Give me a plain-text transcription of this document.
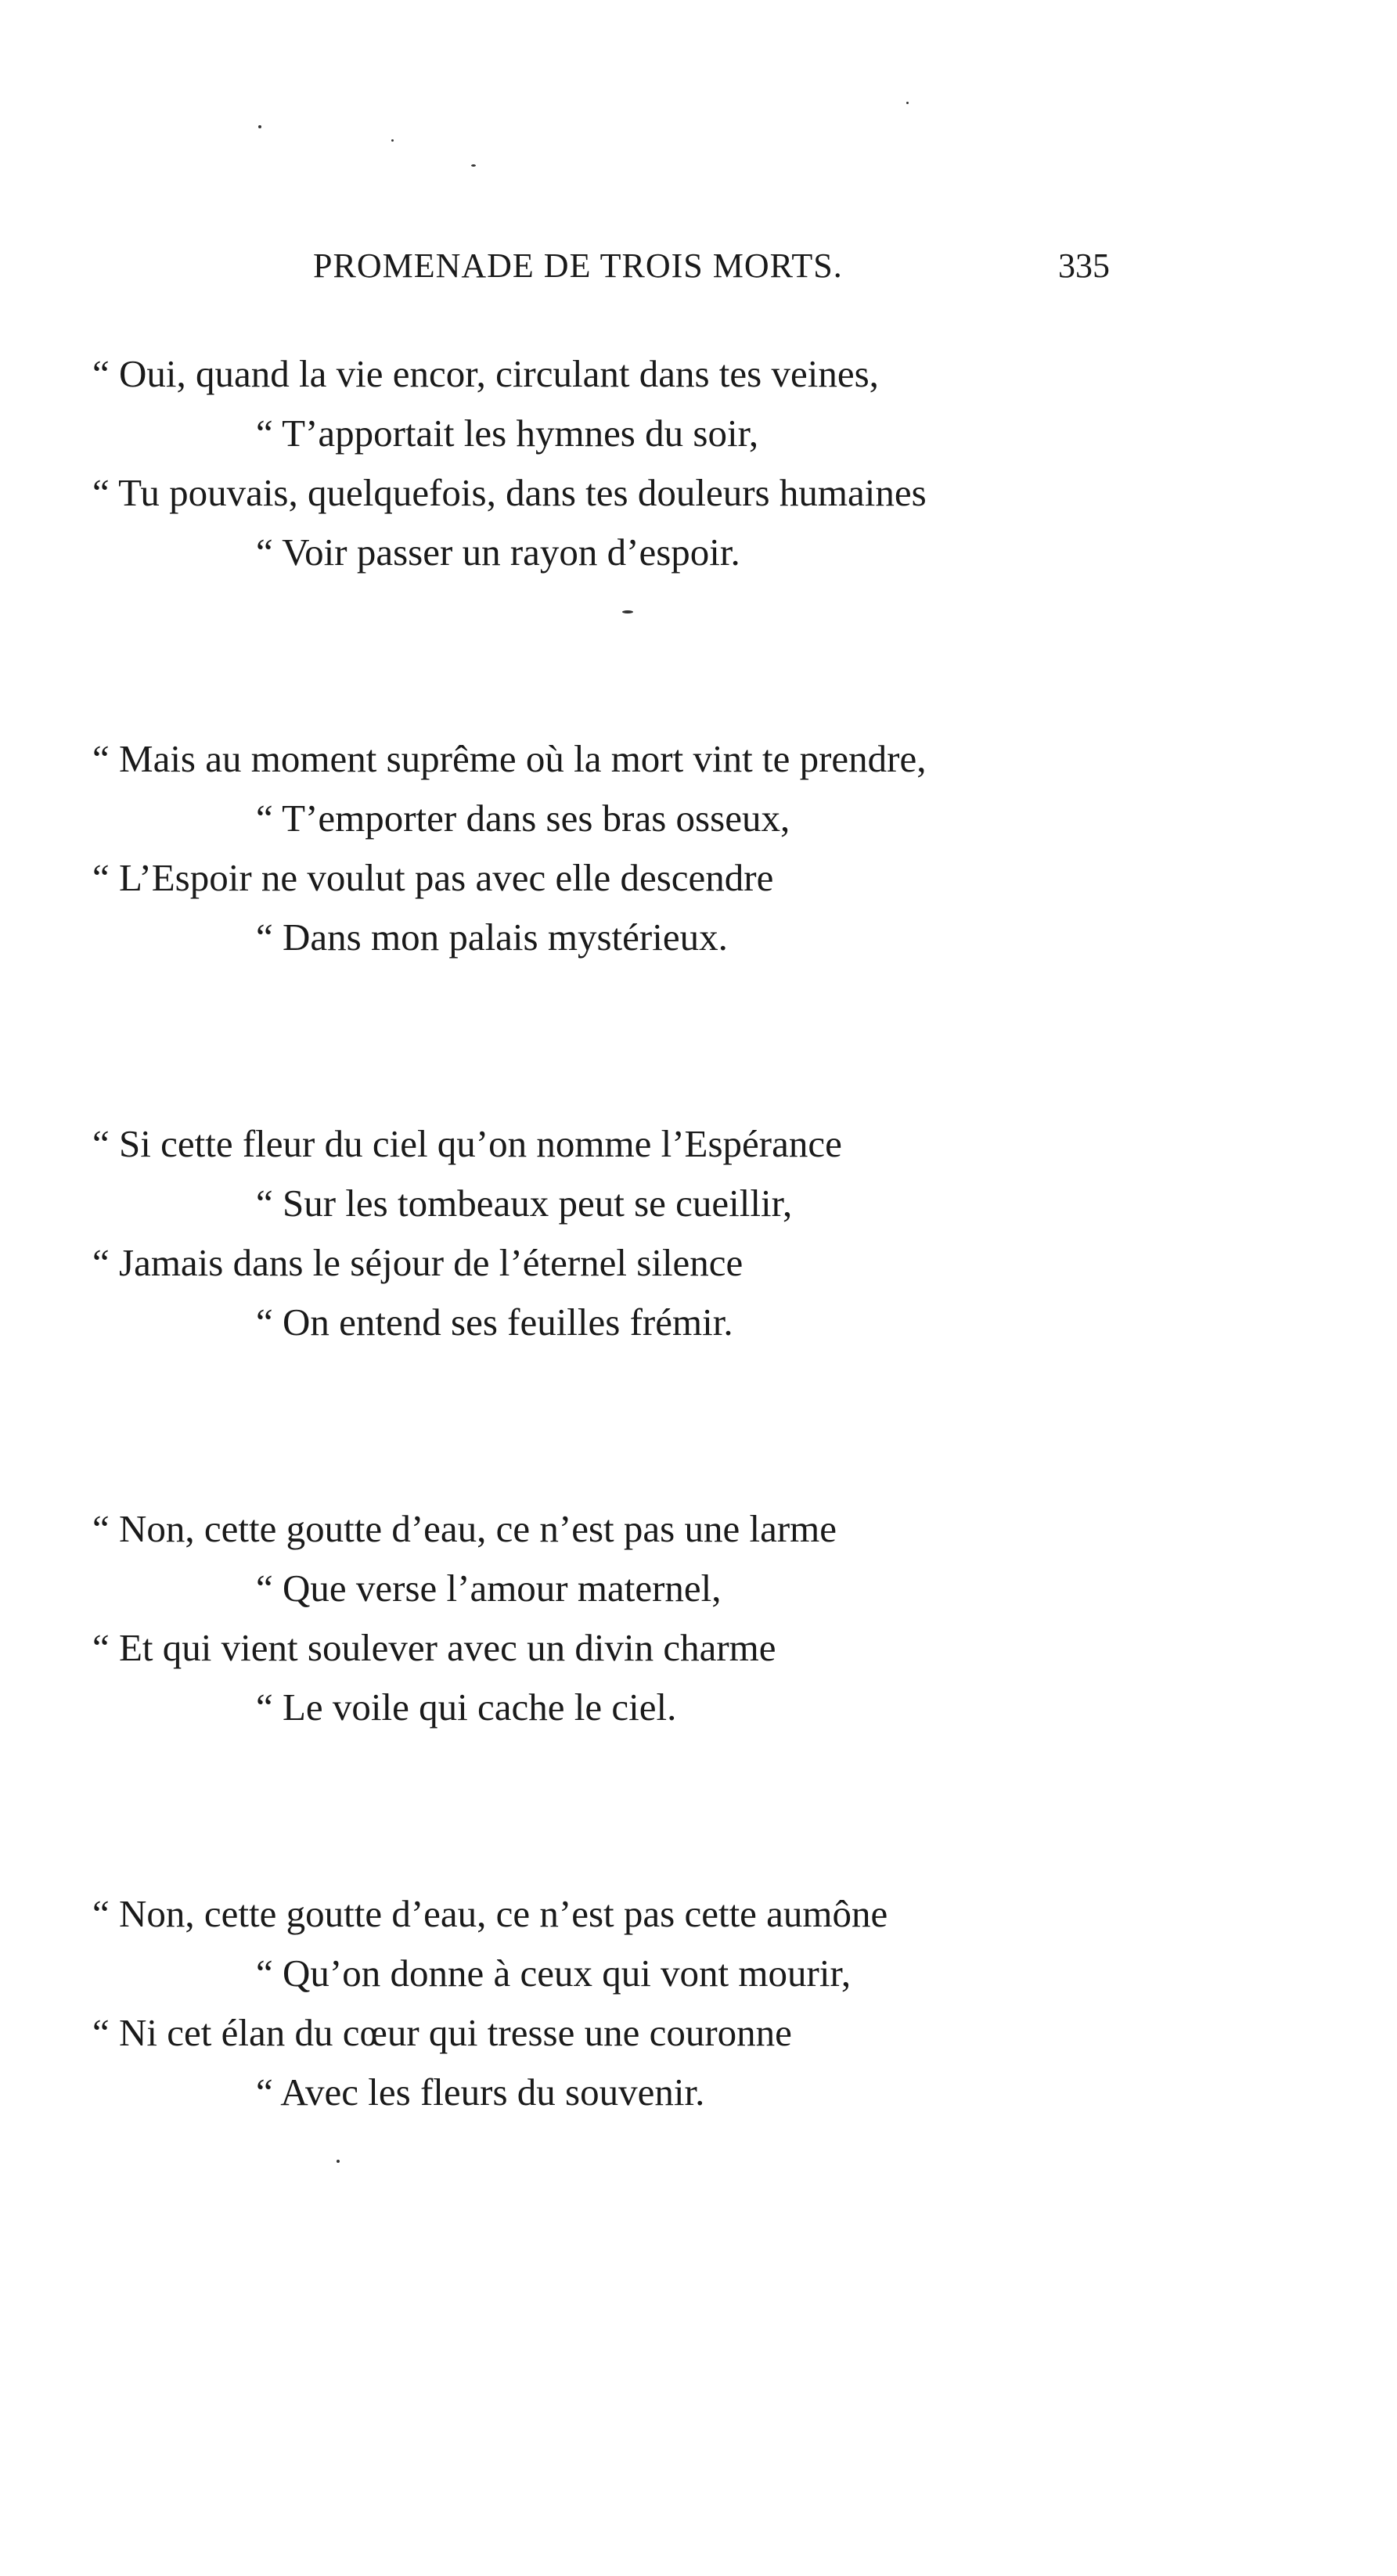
PROMENADE DE TROIS MORTS.	335
“ Oui, quand la vie encor, circulant dans tes veines,
“ T’apportait les hymnes du soir,
“ Tu pouvais, quelquefois, dans tes douleurs humaines
“ Voir passer un rayon d’espoir.
“ Mais au moment suprême où la mort vint te prendre,
“ T’emporter dans ses bras osseux,
“ L’Espoir ne voulut pas avec elle descendre
“ Dans mon palais mystérieux.
“ Si cette fleur du ciel qu’on nomme l’Espérance
“ Sur les tombeaux peut se cueillir,
“ Jamais dans le séjour de l’éternel silence
“ On entend ses feuilles frémir.
“ Non, cette goutte d’eau, ce n’est pas une larme
“ Que verse l’amour maternel,
“ Et qui vient soulever avec un divin charme
“ Le voile qui cache le ciel.
“ Non, cette goutte d’eau, ce n’est pas cette aumône
“ Qu’on donne à ceux qui vont mourir,
“ Ni cet élan du cœur qui tresse une couronne
“ Avec les fleurs du souvenir.
